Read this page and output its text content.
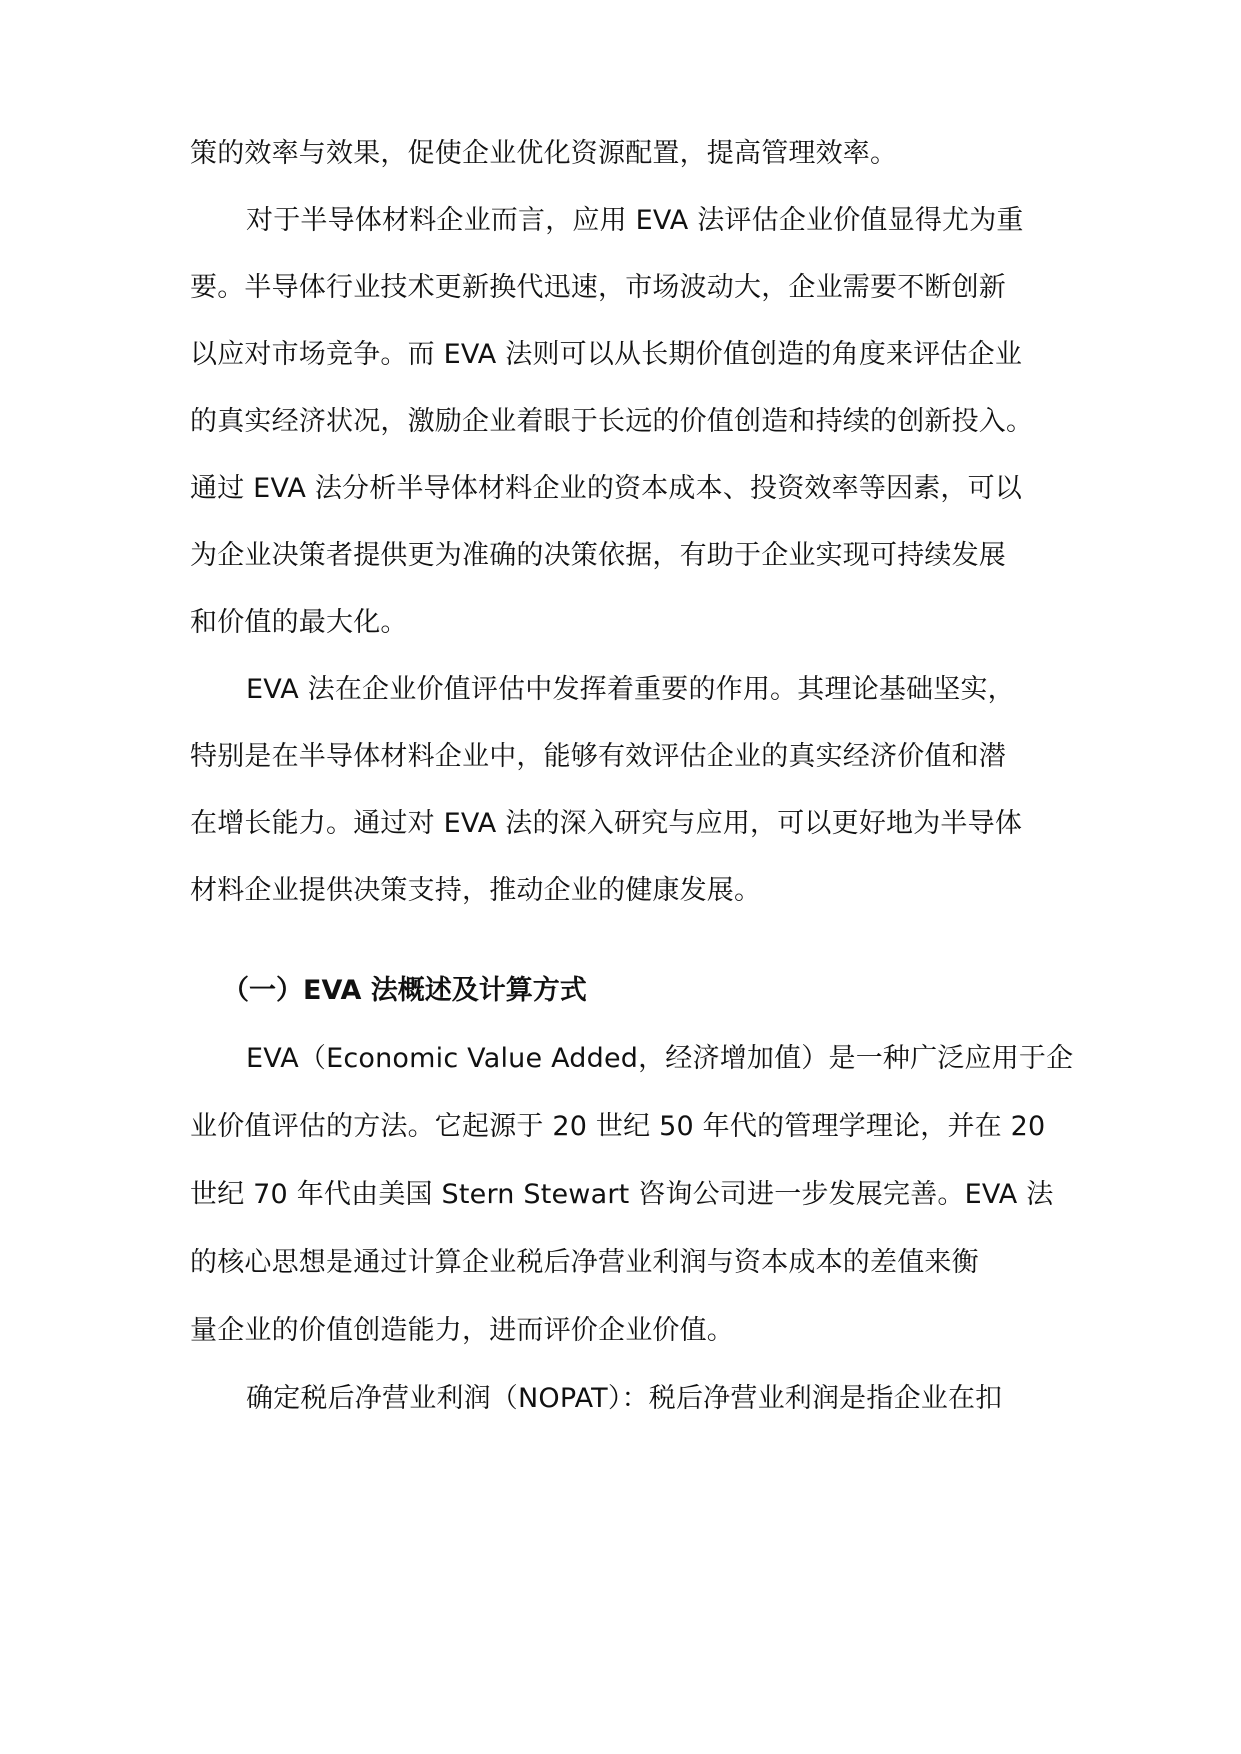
策的效率与效果，促使企业优化资源配置，提高管理效率。
对于半导体材料企业而言，应用 EVA 法评估企业价值显得尤为重
要。半导体行业技术更新换代迅速，市场波动大，企业需要不断创新
以应对市场竞争。而 EVA 法则可以从长期价值创造的角度来评估企业
的真实经济状况，激励企业着眼于长远的价值创造和持续的创新投入。
通过 EVA 法分析半导体材料企业的资本成本、投资效率等因素，可以
为企业决策者提供更为准确的决策依据，有助于企业实现可持续发展
和价值的最大化。
EVA 法在企业价值评估中发挥着重要的作用。其理论基础坚实，
特别是在半导体材料企业中，能够有效评估企业的真实经济价值和潜
在增长能力。通过对 EVA 法的深入研究与应用，可以更好地为半导体
材料企业提供决策支持，推动企业的健康发展。
（一）EVA 法概述及计算方式
EVA（Economic Value Added，经济增加值）是一种广泛应用于企
业价值评估的方法。它起源于 20 世纪 50 年代的管理学理论，并在 20
世纪 70 年代由美国 Stern Stewart 咨询公司进一步发展完善。EVA 法
的核心思想是通过计算企业税后净营业利润与资本成本的差值来衡
量企业的价值创造能力，进而评价企业价值。
确定税后净营业利润（NOPAT）：税后净营业利润是指企业在扣
